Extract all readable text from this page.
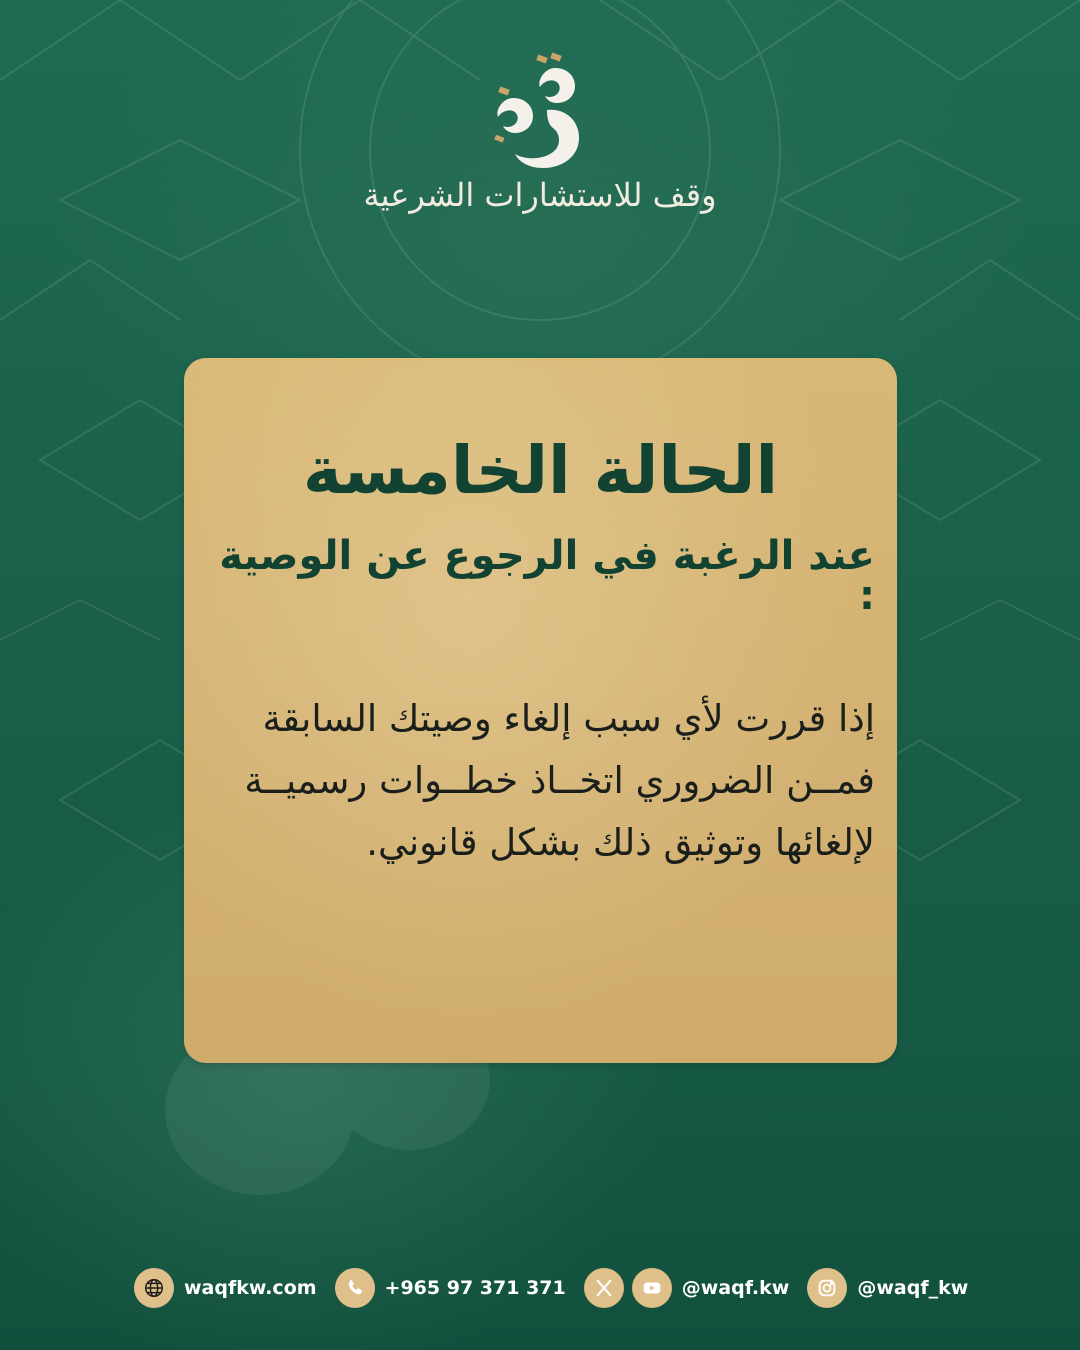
وقف للاستشارات الشرعية
الحالة الخامسة
عند الرغبة في الرجوع عن الوصية :
إذا قررت لأي سبب إلغاء وصيتك السابقة
فمــن الضروري اتخــاذ خطــوات رسميــة
لإلغائها وتوثيق ذلك بشكل قانوني.
waqfkw.com	+965 97 371 371	@waqf.kw	@waqf_kw
